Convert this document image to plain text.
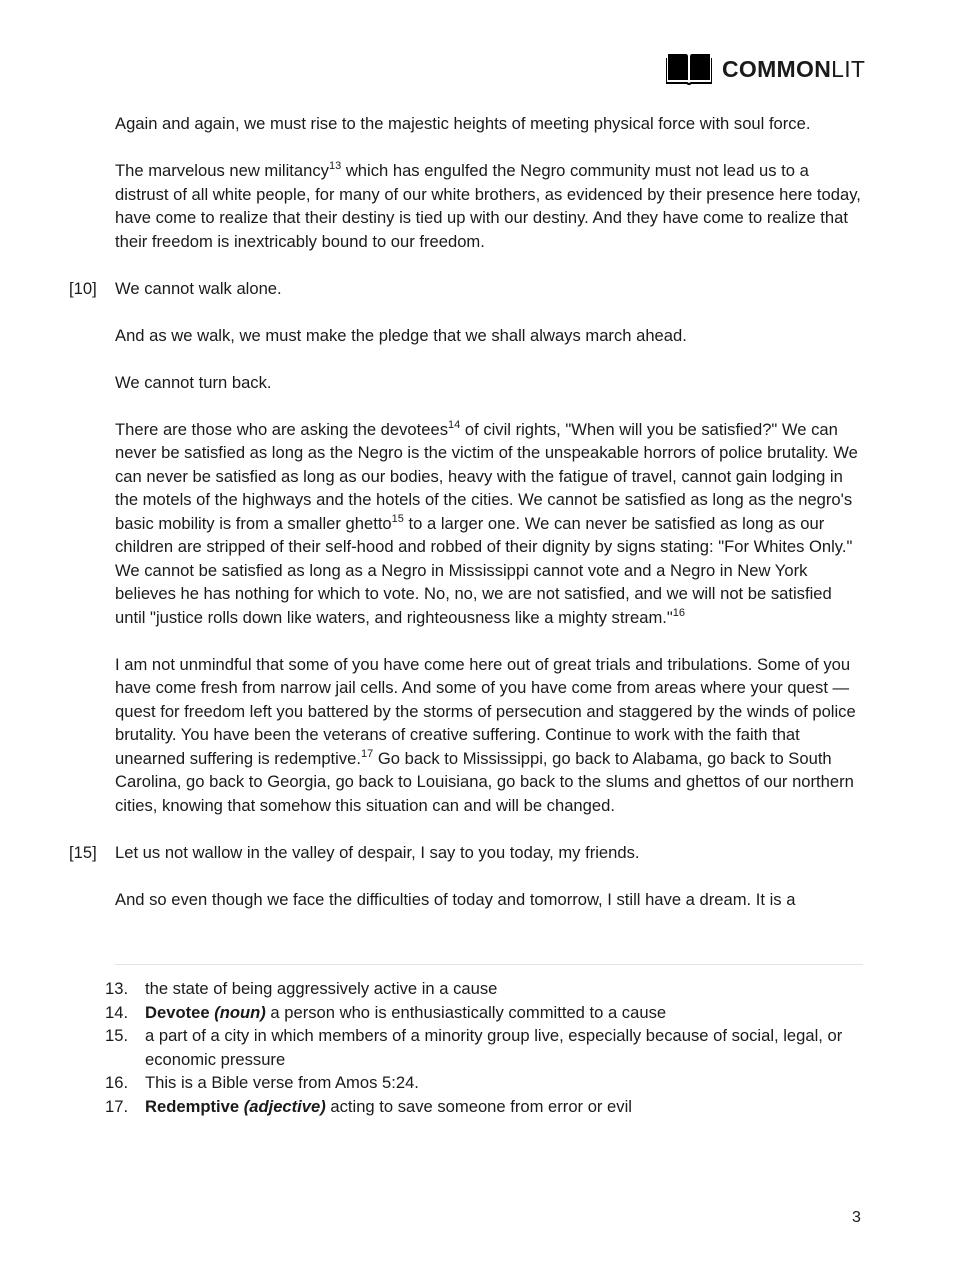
COMMONLIT

Again and again, we must rise to the majestic heights of meeting physical force with soul force.

The marvelous new militancy$^{13}$ which has engulfed the Negro community must not lead us to a distrust of all white people, for many of our white brothers, as evidenced by their presence here today, have come to realize that their destiny is tied up with our destiny. And they have come to realize that their freedom is inextricably bound to our freedom.

[10] We cannot walk alone.

And as we walk, we must make the pledge that we shall always march ahead.

We cannot turn back.

There are those who are asking the devotees$^{14}$ of civil rights, "When will you be satisfied?" We can never be satisfied as long as the Negro is the victim of the unspeakable horrors of police brutality. We can never be satisfied as long as our bodies, heavy with the fatigue of travel, cannot gain lodging in the motels of the highways and the hotels of the cities. We cannot be satisfied as long as the negro's basic mobility is from a smaller ghetto$^{15}$ to a larger one. We can never be satisfied as long as our children are stripped of their self-hood and robbed of their dignity by signs stating: "For Whites Only." We cannot be satisfied as long as a Negro in Mississippi cannot vote and a Negro in New York believes he has nothing for which to vote. No, no, we are not satisfied, and we will not be satisfied until "justice rolls down like waters, and righteousness like a mighty stream."$^{16}$

I am not unmindful that some of you have come here out of great trials and tribulations. Some of you have come fresh from narrow jail cells. And some of you have come from areas where your quest — quest for freedom left you battered by the storms of persecution and staggered by the winds of police brutality. You have been the veterans of creative suffering. Continue to work with the faith that unearned suffering is redemptive.$^{17}$ Go back to Mississippi, go back to Alabama, go back to South Carolina, go back to Georgia, go back to Louisiana, go back to the slums and ghettos of our northern cities, knowing that somehow this situation can and will be changed.

[15] Let us not wallow in the valley of despair, I say to you today, my friends.

And so even though we face the difficulties of today and tomorrow, I still have a dream. It is a

13. the state of being aggressively active in a cause
14. Devotee (noun) a person who is enthusiastically committed to a cause
15. a part of a city in which members of a minority group live, especially because of social, legal, or economic pressure
16. This is a Bible verse from Amos 5:24.
17. Redemptive (adjective) acting to save someone from error or evil
3
